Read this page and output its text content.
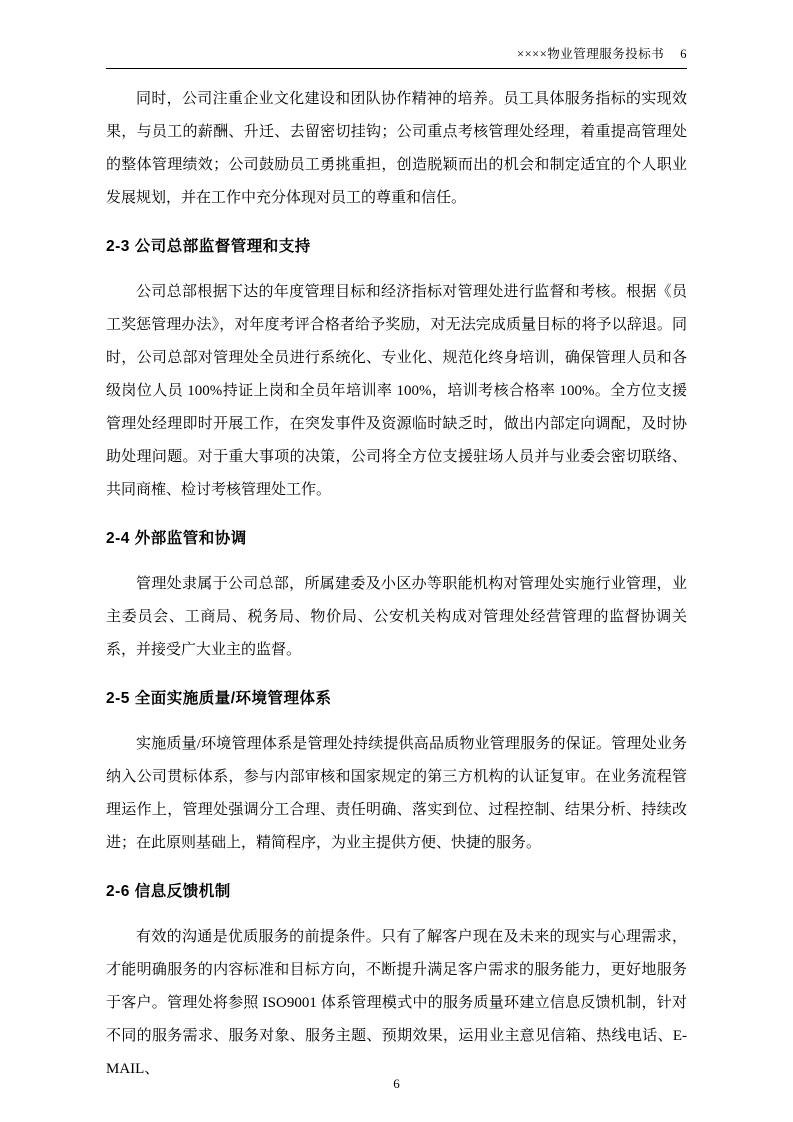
××××物业管理服务投标书 6

同时，公司注重企业文化建设和团队协作精神的培养。员工具体服务指标的实现效果，与员工的薪酬、升迁、去留密切挂钩；公司重点考核管理处经理，着重提高管理处的整体管理绩效；公司鼓励员工勇挑重担，创造脱颖而出的机会和制定适宜的个人职业发展规划，并在工作中充分体现对员工的尊重和信任。

2-3 公司总部监督管理和支持

公司总部根据下达的年度管理目标和经济指标对管理处进行监督和考核。根据《员工奖惩管理办法》，对年度考评合格者给予奖励，对无法完成质量目标的将予以辞退。同时，公司总部对管理处全员进行系统化、专业化、规范化终身培训，确保管理人员和各级岗位人员 100%持证上岗和全员年培训率 100%，培训考核合格率 100%。全方位支援管理处经理即时开展工作，在突发事件及资源临时缺乏时，做出内部定向调配，及时协助处理问题。对于重大事项的决策，公司将全方位支援驻场人员并与业委会密切联络、共同商榷、检讨考核管理处工作。

2-4 外部监管和协调

管理处隶属于公司总部，所属建委及小区办等职能机构对管理处实施行业管理，业主委员会、工商局、税务局、物价局、公安机关构成对管理处经营管理的监督协调关系，并接受广大业主的监督。

2-5 全面实施质量/环境管理体系

实施质量/环境管理体系是管理处持续提供高品质物业管理服务的保证。管理处业务纳入公司贯标体系，参与内部审核和国家规定的第三方机构的认证复审。在业务流程管理运作上，管理处强调分工合理、责任明确、落实到位、过程控制、结果分析、持续改进；在此原则基础上，精简程序，为业主提供方便、快捷的服务。

2-6 信息反馈机制

有效的沟通是优质服务的前提条件。只有了解客户现在及未来的现实与心理需求，才能明确服务的内容标准和目标方向，不断提升满足客户需求的服务能力，更好地服务于客户。管理处将参照 ISO9001 体系管理模式中的服务质量环建立信息反馈机制，针对不同的服务需求、服务对象、服务主题、预期效果，运用业主意见信箱、热线电话、E-MAIL、

6
